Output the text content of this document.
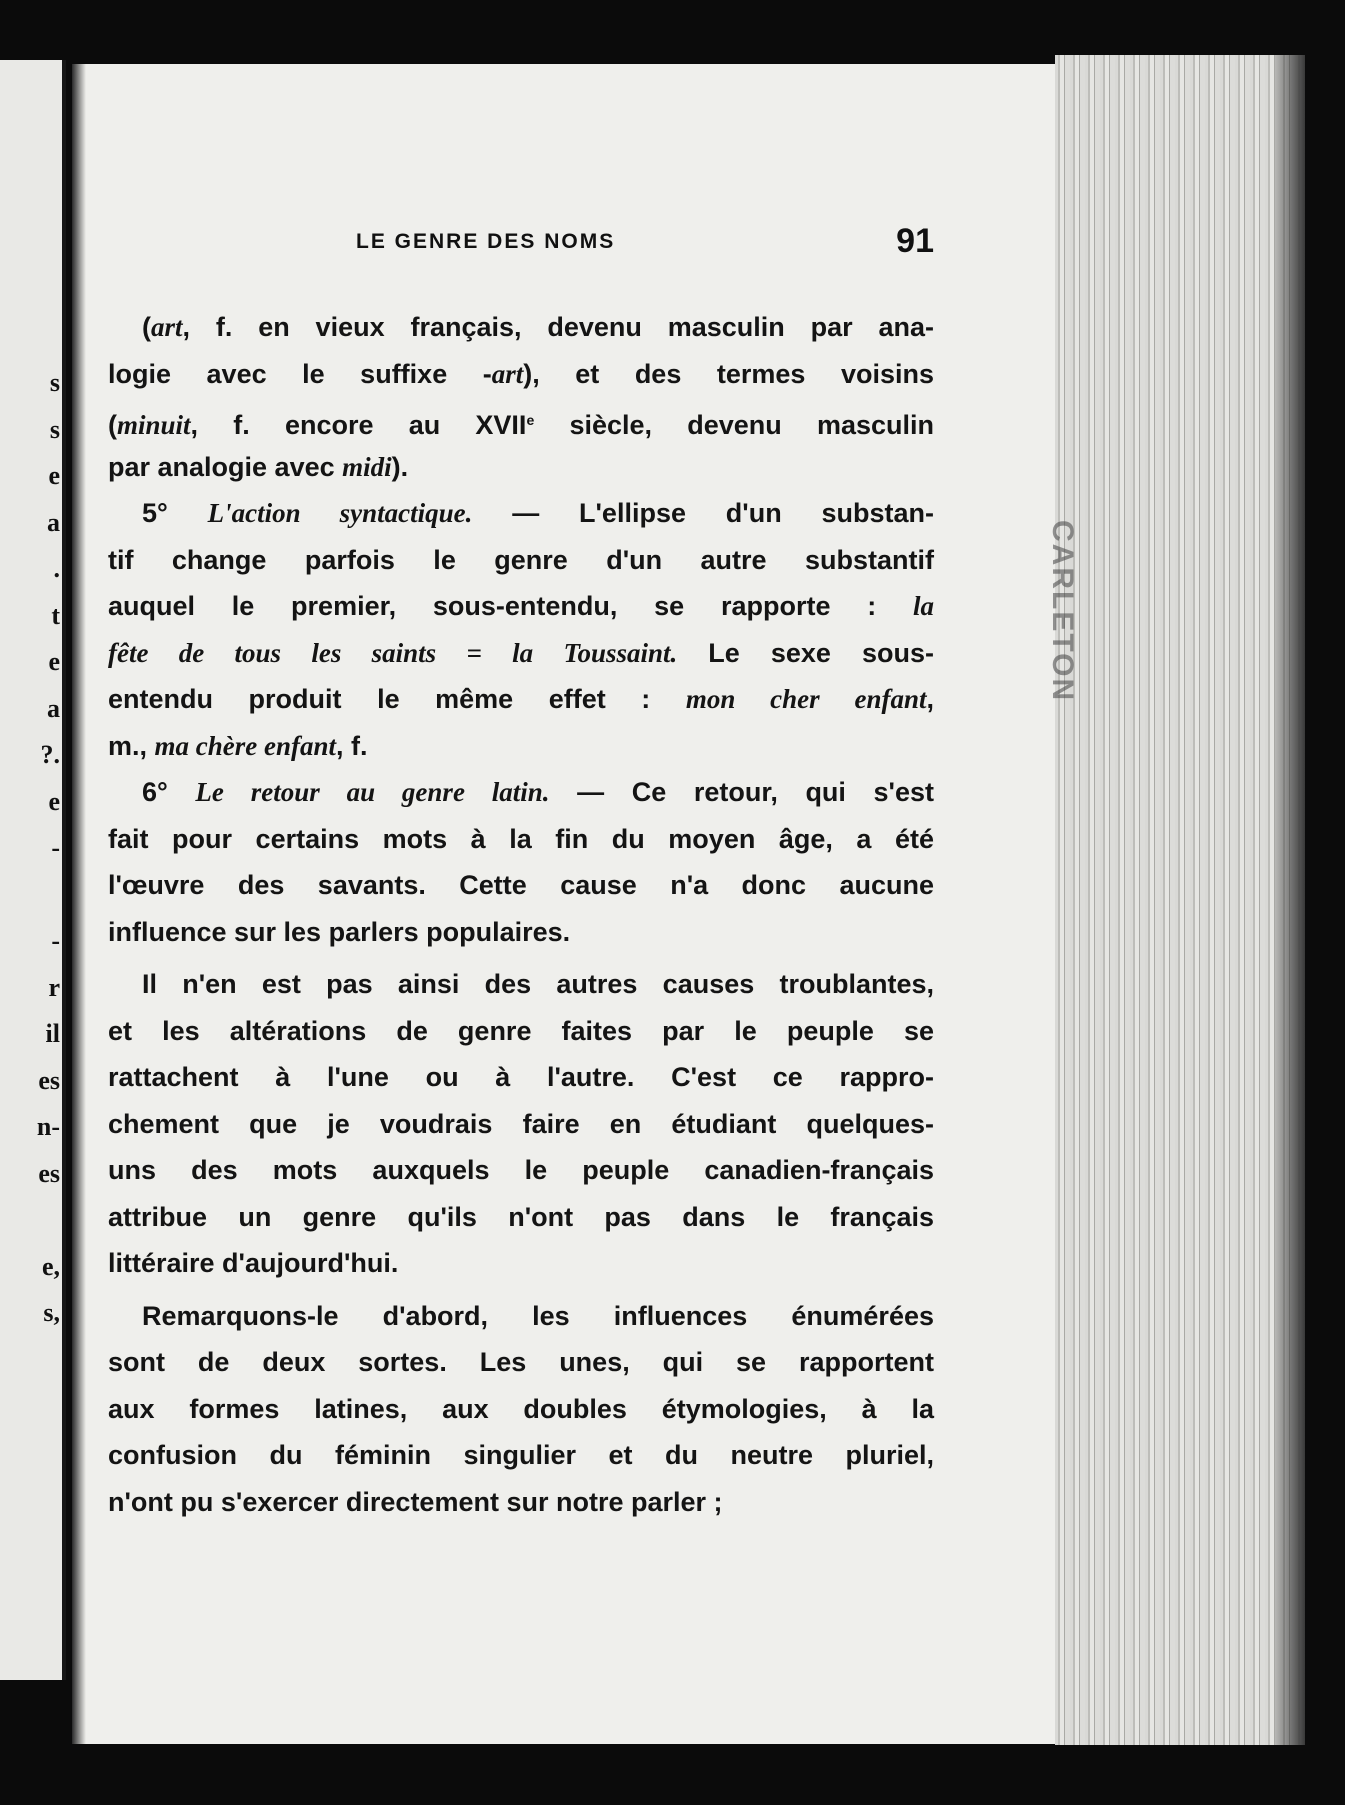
s
s
e
a
.
t
e
a
?.
e
-
-
r
il
es
n-
es
e,
s,
CARLETON
LE GENRE DES NOMS	91
(art, f. en vieux français, devenu masculin par ana-
logie avec le suffixe -art), et des termes voisins
(minuit, f. encore au XVIIe siècle, devenu masculin
par analogie avec midi).
5° L'action syntactique. — L'ellipse d'un substan-
tif change parfois le genre d'un autre substantif
auquel le premier, sous-entendu, se rapporte : la
fête de tous les saints = la Toussaint. Le sexe sous-
entendu produit le même effet : mon cher enfant,
m., ma chère enfant, f.
6° Le retour au genre latin. — Ce retour, qui s'est
fait pour certains mots à la fin du moyen âge, a été
l'œuvre des savants. Cette cause n'a donc aucune
influence sur les parlers populaires.
Il n'en est pas ainsi des autres causes troublantes,
et les altérations de genre faites par le peuple se
rattachent à l'une ou à l'autre. C'est ce rappro-
chement que je voudrais faire en étudiant quelques-
uns des mots auxquels le peuple canadien-français
attribue un genre qu'ils n'ont pas dans le français
littéraire d'aujourd'hui.
Remarquons-le d'abord, les influences énumérées
sont de deux sortes. Les unes, qui se rapportent
aux formes latines, aux doubles étymologies, à la
confusion du féminin singulier et du neutre pluriel,
n'ont pu s'exercer directement sur notre parler ;
